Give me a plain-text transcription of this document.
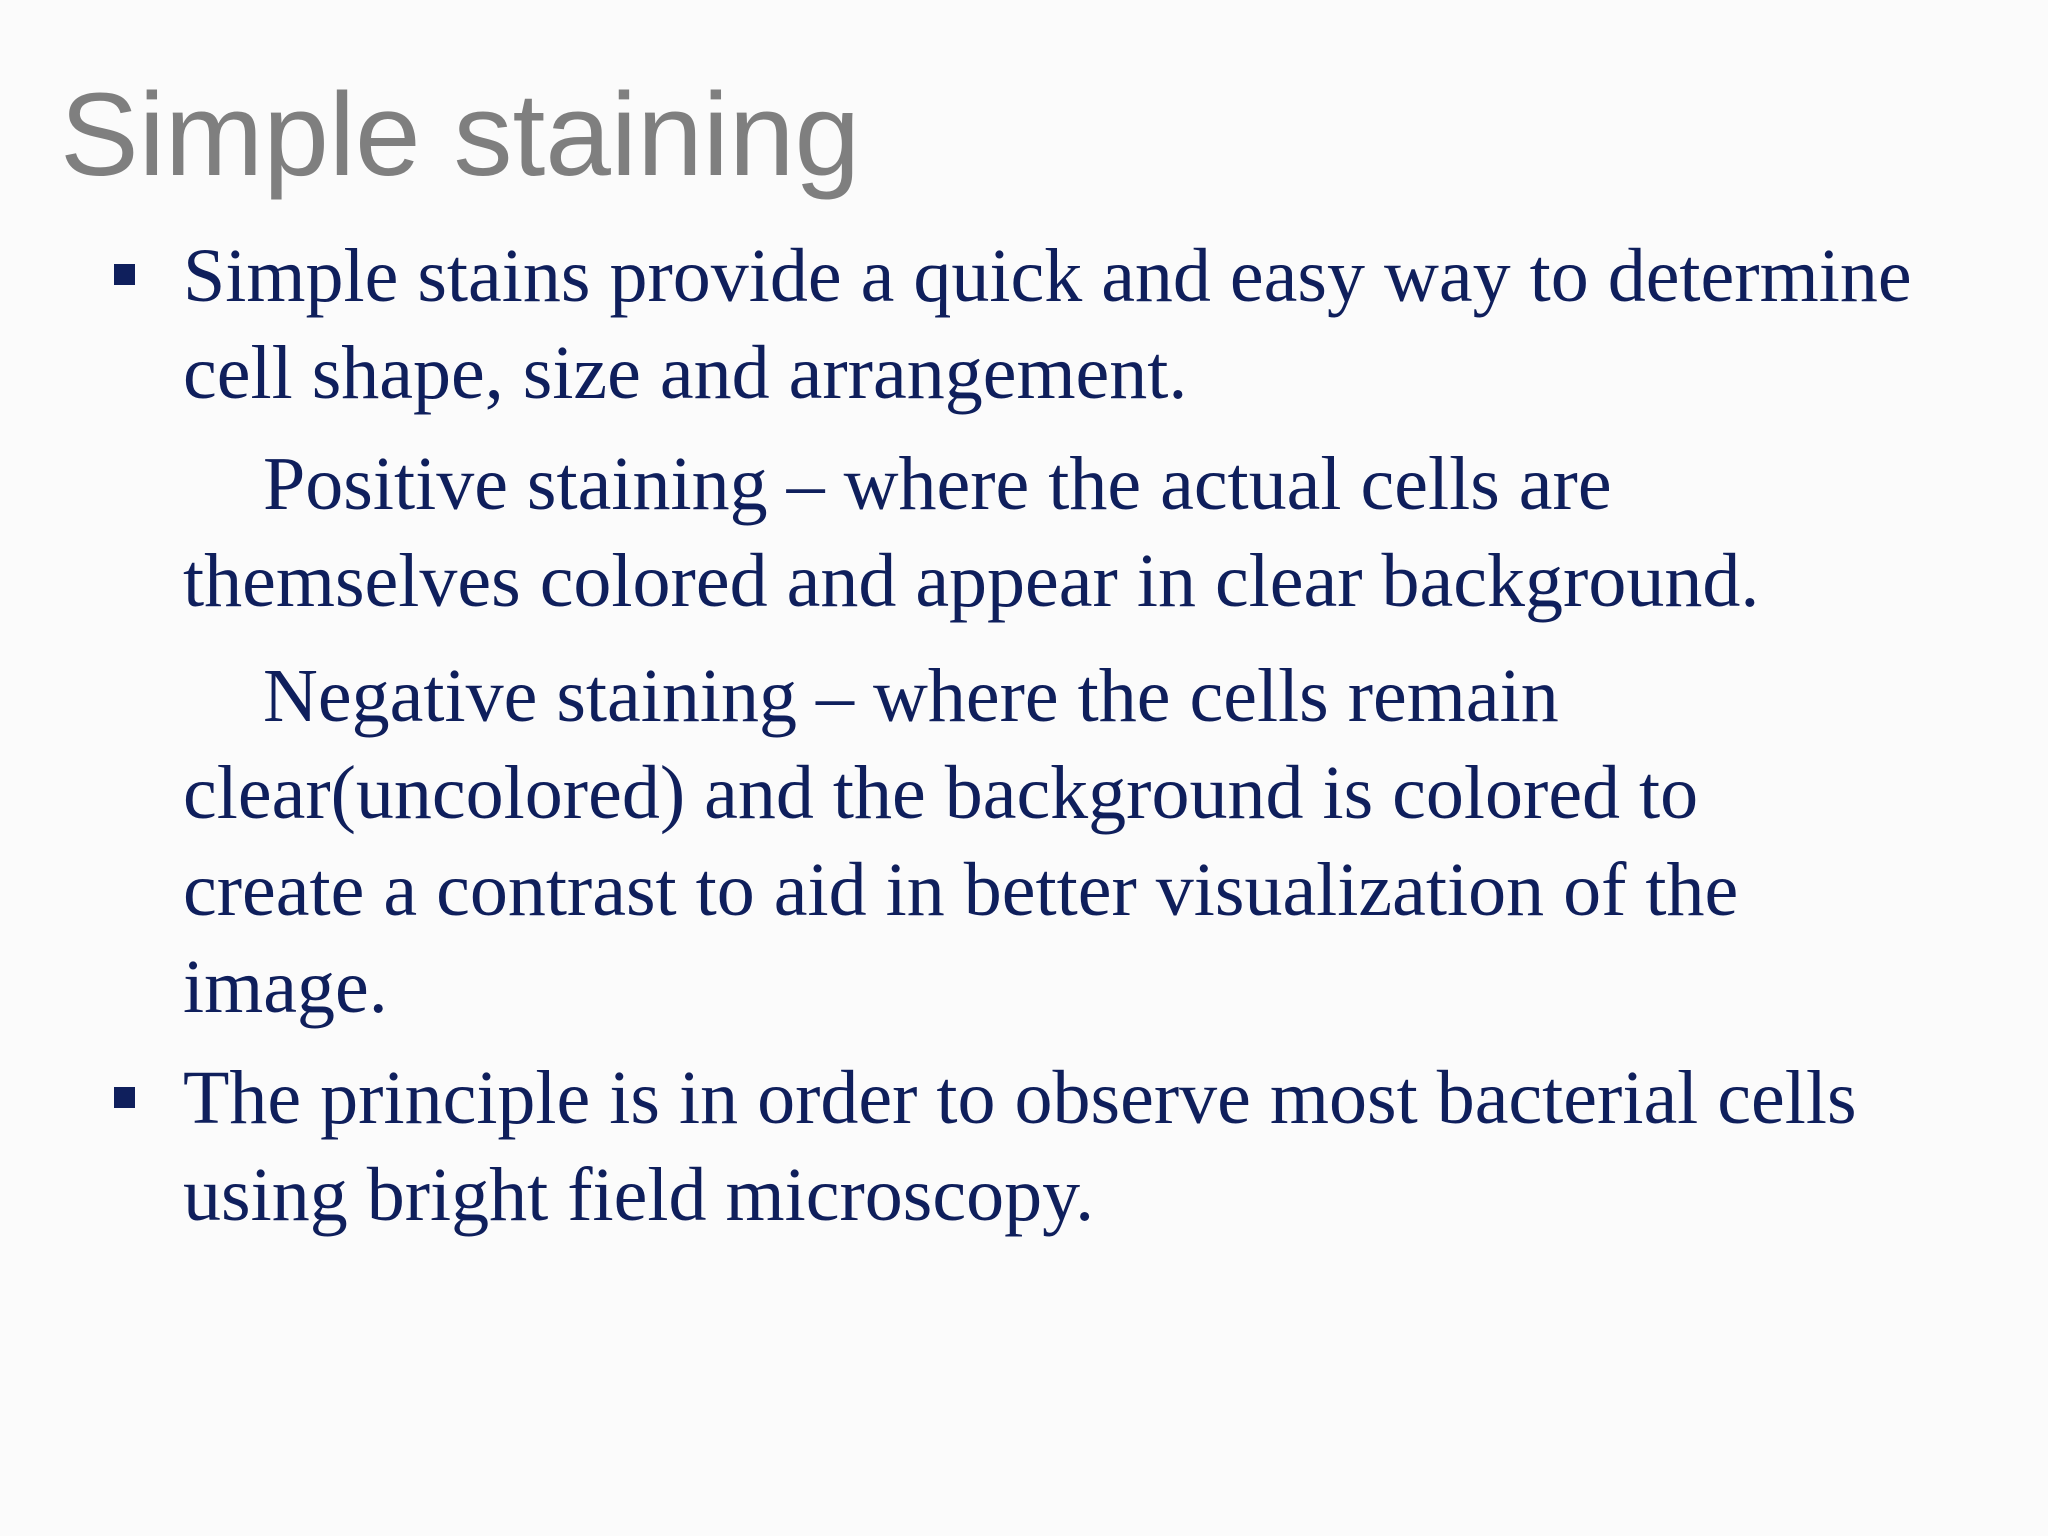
Simple staining
Simple stains provide a quick and easy way to determine
cell shape, size and arrangement.
Positive staining – where the actual cells are
themselves colored and appear in clear background.
Negative staining – where the cells remain
clear(uncolored) and the background is colored to
create a contrast to aid in better visualization of the
image.
The principle is in order to observe most bacterial cells
using bright field microscopy.
